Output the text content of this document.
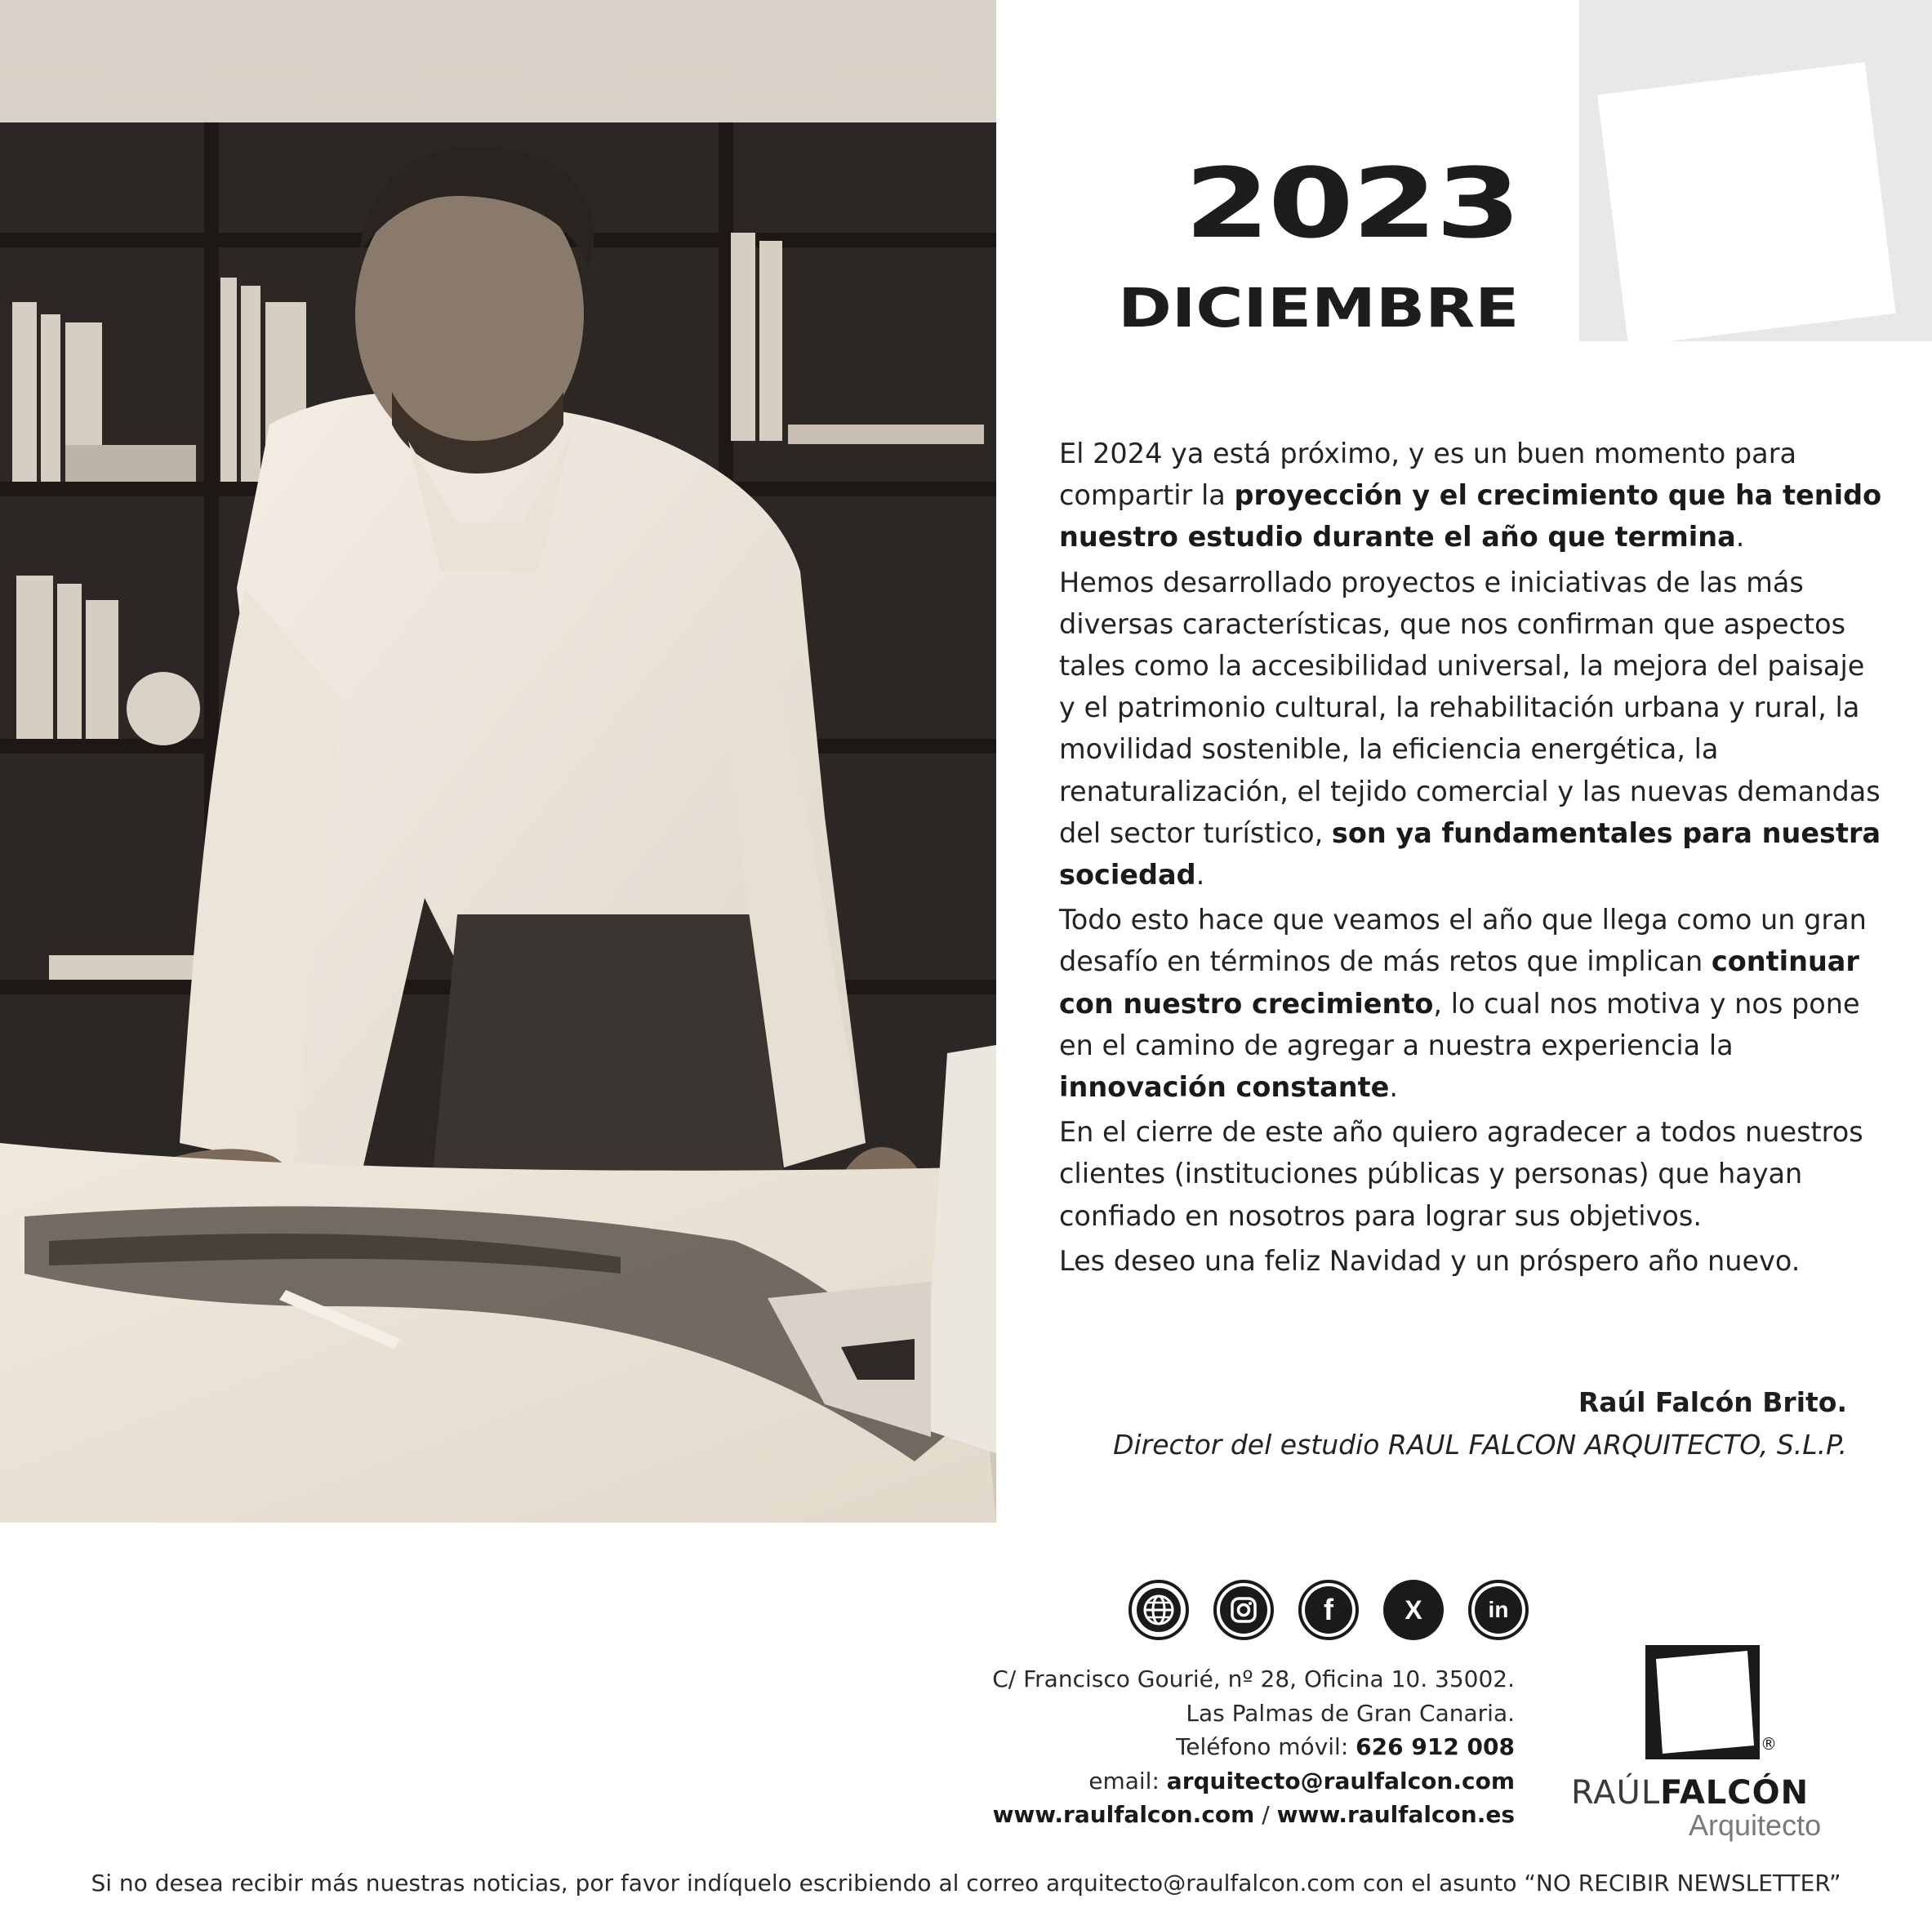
2023
DICIEMBRE

El 2024 ya está próximo, y es un buen momento para compartir la proyección y el crecimiento que ha tenido nuestro estudio durante el año que termina.

Hemos desarrollado proyectos e iniciativas de las más diversas características, que nos confirman que aspectos tales como la accesibilidad universal, la mejora del paisaje y el patrimonio cultural, la rehabilitación urbana y rural, la movilidad sostenible, la eficiencia energética, la renaturalización, el tejido comercial y las nuevas demandas del sector turístico, son ya fundamentales para nuestra sociedad.

Todo esto hace que veamos el año que llega como un gran desafío en términos de más retos que implican continuar con nuestro crecimiento, lo cual nos motiva y nos pone en el camino de agregar a nuestra experiencia la innovación constante.

En el cierre de este año quiero agradecer a todos nuestros clientes (instituciones públicas y personas) que hayan confiado en nosotros para lograr sus objetivos.

Les deseo una feliz Navidad y un próspero año nuevo.

Raúl Falcón Brito.
Director del estudio RAUL FALCON ARQUITECTO, S.L.P.
f	X	in
C/ Francisco Gourié, nº 28, Oficina 10. 35002.
Las Palmas de Gran Canaria.
Teléfono móvil: 626 912 008
email: arquitecto@raulfalcon.com
www.raulfalcon.com / www.raulfalcon.es
®
RAÚLFALCÓN
Arquitecto
Si no desea recibir más nuestras noticias, por favor indíquelo escribiendo al correo arquitecto@raulfalcon.com con el asunto “NO RECIBIR NEWSLETTER”
